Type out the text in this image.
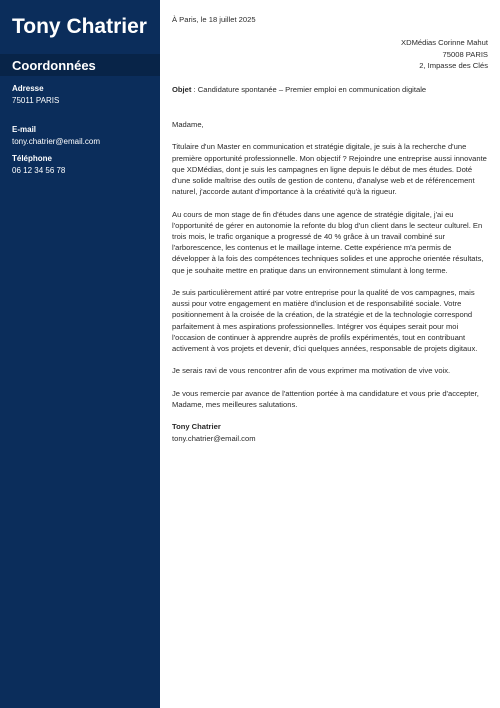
Tony Chatrier
Coordonnées
Adresse
75011 PARIS
E-mail
tony.chatrier@email.com
Téléphone
06 12 34 56 78
À Paris, le 18 juillet 2025
XDMédias Corinne Mahut
75008 PARIS
2, Impasse des Clés
Objet : Candidature spontanée – Premier emploi en communication digitale

Madame,

Titulaire d'un Master en communication et stratégie digitale, je suis à la recherche d'une première opportunité professionnelle. Mon objectif ? Rejoindre une entreprise aussi innovante que XDMédias, dont je suis les campagnes en ligne depuis le début de mes études. Doté d'une solide maîtrise des outils de gestion de contenu, d'analyse web et de référencement naturel, j'accorde autant d'importance à la créativité qu'à la rigueur.

Au cours de mon stage de fin d'études dans une agence de stratégie digitale, j'ai eu l'opportunité de gérer en autonomie la refonte du blog d'un client dans le secteur culturel. En trois mois, le trafic organique a progressé de 40 % grâce à un travail combiné sur l'arborescence, les contenus et le maillage interne. Cette expérience m'a permis de développer à la fois des compétences techniques solides et une approche orientée résultats, que je souhaite mettre en pratique dans un environnement stimulant à long terme.

Je suis particulièrement attiré par votre entreprise pour la qualité de vos campagnes, mais aussi pour votre engagement en matière d'inclusion et de responsabilité sociale. Votre positionnement à la croisée de la création, de la stratégie et de la technologie correspond parfaitement à mes aspirations professionnelles. Intégrer vos équipes serait pour moi l'occasion de continuer à apprendre auprès de profils expérimentés, tout en contribuant activement à vos projets et devenir, d'ici quelques années, responsable de projets digitaux.

Je serais ravi de vous rencontrer afin de vous exprimer ma motivation de vive voix.

Je vous remercie par avance de l'attention portée à ma candidature et vous prie d'accepter, Madame, mes meilleures salutations.

Tony Chatrier
tony.chatrier@email.com
